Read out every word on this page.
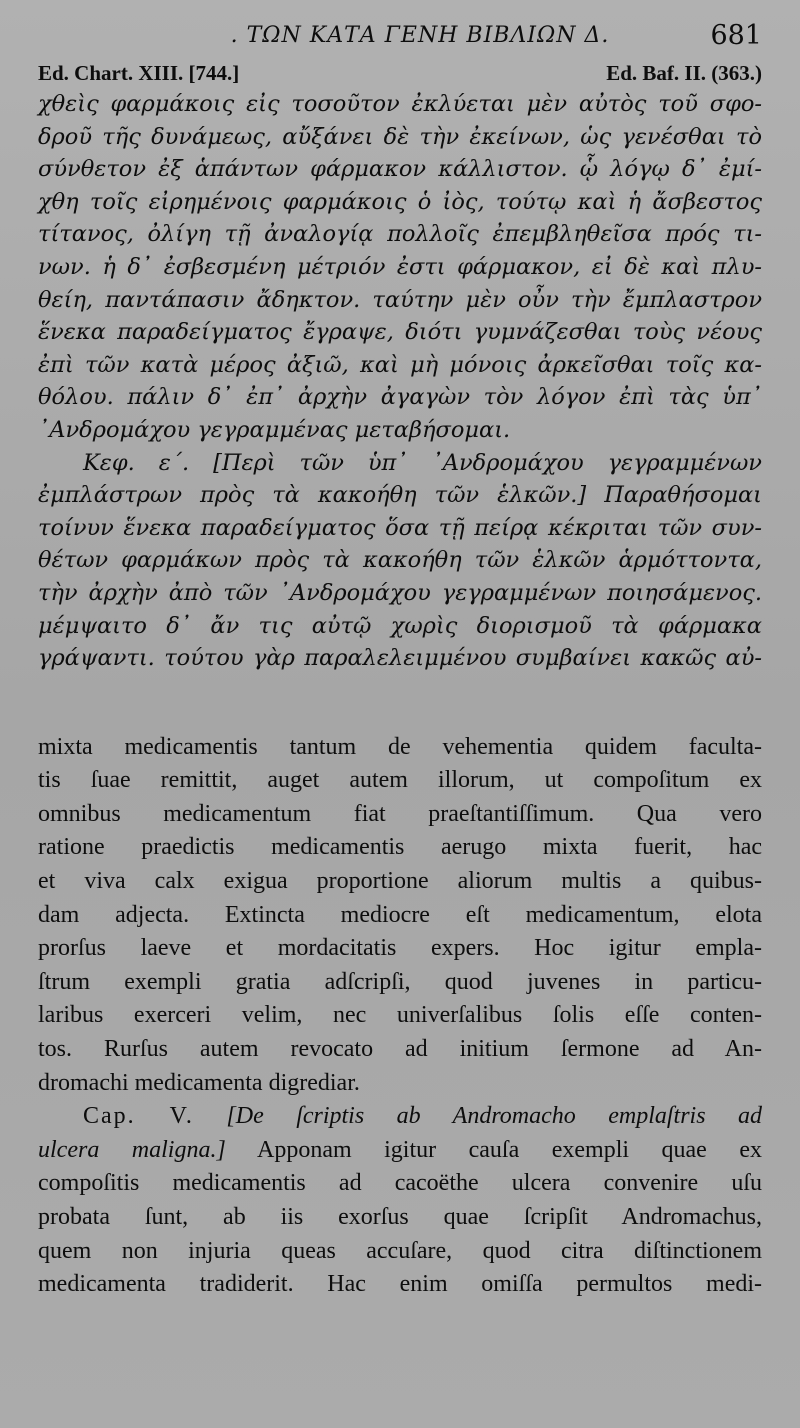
. ΤΩΝ ΚΑΤΑ ΓΕΝΗ ΒΙΒΛΙΩΝ Δ.	681
Ed. Chart. XIII. [744.]	Ed. Baf. II. (363.)

χθεὶς φαρμάκοις εἰς τοσοῦτον ἐκλύεται μὲν αὐτὸς τοῦ σφο-
δροῦ τῆς δυνάμεως, αὔξάνει δὲ τὴν ἐκείνων, ὡς γενέσθαι τὸ
σύνθετον ἐξ ἁπάντων φάρμακον κάλλιστον. ᾧ λόγῳ δ᾽ ἐμί-
χθη τοῖς εἰρημένοις φαρμάκοις ὁ ἰὸς, τούτῳ καὶ ἡ ἄσβεστος
τίτανος, ὀλίγη τῇ ἀναλογίᾳ πολλοῖς ἐπεμβληθεῖσα πρός τι-
νων. ἡ δ᾽ ἐσβεσμένη μέτριόν ἐστι φάρμακον, εἰ δὲ καὶ πλυ-
θείη, παντάπασιν ἄδηκτον. ταύτην μὲν οὖν τὴν ἔμπλαστρον
ἕνεκα παραδείγματος ἔγραψε, διότι γυμνάζεσθαι τοὺς νέους
ἐπὶ τῶν κατὰ μέρος ἀξιῶ, καὶ μὴ μόνοις ἀρκεῖσθαι τοῖς κα-
θόλου. πάλιν δ᾽ ἐπ᾽ ἀρχὴν ἀγαγὼν τὸν λόγον ἐπὶ τὰς ὑπ᾽
᾽Ανδρομάχου γεγραμμένας μεταβήσομαι.

Κεφ. ε΄. [Περὶ τῶν ὑπ᾽ ᾽Ανδρομάχου γεγραμμένων
ἐμπλάστρων πρὸς τὰ κακοήθη τῶν ἑλκῶν.] Παραθήσομαι
τοίνυν ἕνεκα παραδείγματος ὅσα τῇ πείρᾳ κέκριται τῶν συν-
θέτων φαρμάκων πρὸς τὰ κακοήθη τῶν ἑλκῶν ἁρμόττοντα,
τὴν ἀρχὴν ἀπὸ τῶν ᾽Ανδρομάχου γεγραμμένων ποιησάμενος.
μέμψαιτο δ᾽ ἄν τις αὐτῷ χωρὶς διορισμοῦ τὰ φάρμακα
γράψαντι. τούτου γὰρ παραλελειμμένου συμβαίνει κακῶς αὐ-

mixta medicamentis tantum de vehementia quidem faculta-
tis ſuae remittit, auget autem illorum, ut compoſitum ex
omnibus medicamentum fiat praeſtantiſſimum. Qua vero
ratione praedictis medicamentis aerugo mixta fuerit, hac
et viva calx exigua proportione aliorum multis a quibus-
dam adjecta. Extincta mediocre eſt medicamentum, elota
prorſus laeve et mordacitatis expers. Hoc igitur empla-
ſtrum exempli gratia adſcripſi, quod juvenes in particu-
laribus exerceri velim, nec univerſalibus ſolis eſſe conten-
tos. Rurſus autem revocato ad initium ſermone ad An-
dromachi medicamenta digrediar.

Cap. V. [De ſcriptis ab Andromacho emplaſtris ad
ulcera maligna.] Apponam igitur cauſa exempli quae ex
compoſitis medicamentis ad cacoëthe ulcera convenire uſu
probata ſunt, ab iis exorſus quae ſcripſit Andromachus,
quem non injuria queas accuſare, quod citra diſtinctionem
medicamenta tradiderit. Hac enim omiſſa permultos medi-
